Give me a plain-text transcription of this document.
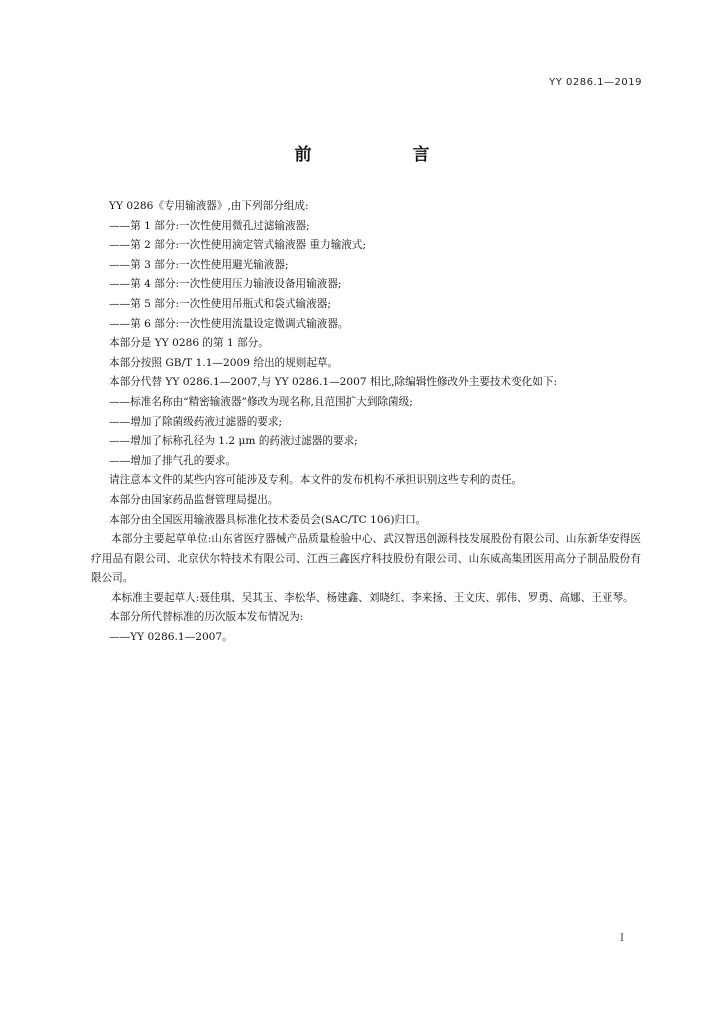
YY 0286.1—2019
前　言

YY 0286《专用输液器》,由下列部分组成:

——第 1 部分:一次性使用微孔过滤输液器;

——第 2 部分:一次性使用滴定管式输液器 重力输液式;

——第 3 部分:一次性使用避光输液器;

——第 4 部分:一次性使用压力输液设备用输液器;

——第 5 部分:一次性使用吊瓶式和袋式输液器;

——第 6 部分:一次性使用流量设定微调式输液器。

本部分是 YY 0286 的第 1 部分。

本部分按照 GB/T 1.1—2009 给出的规则起草。

本部分代替 YY 0286.1—2007,与 YY 0286.1—2007 相比,除编辑性修改外主要技术变化如下:

——标准名称由“精密输液器”修改为现名称,且范围扩大到除菌级;

——增加了除菌级药液过滤器的要求;

——增加了标称孔径为 1.2 μm 的药液过滤器的要求;

——增加了排气孔的要求。

请注意本文件的某些内容可能涉及专利。本文件的发布机构不承担识别这些专利的责任。

本部分由国家药品监督管理局提出。

本部分由全国医用输液器具标准化技术委员会(SAC/TC 106)归口。

本部分主要起草单位:山东省医疗器械产品质量检验中心、武汉智迅创源科技发展股份有限公司、山东新华安得医疗用品有限公司、北京伏尔特技术有限公司、江西三鑫医疗科技股份有限公司、山东威高集团医用高分子制品股份有限公司。

本标准主要起草人:聂佳琪、吴其玉、李松华、杨建鑫、刘晓红、李来扬、王文庆、郭伟、罗勇、高娜、王亚琴。

本部分所代替标准的历次版本发布情况为:

——YY 0286.1—2007。

I
